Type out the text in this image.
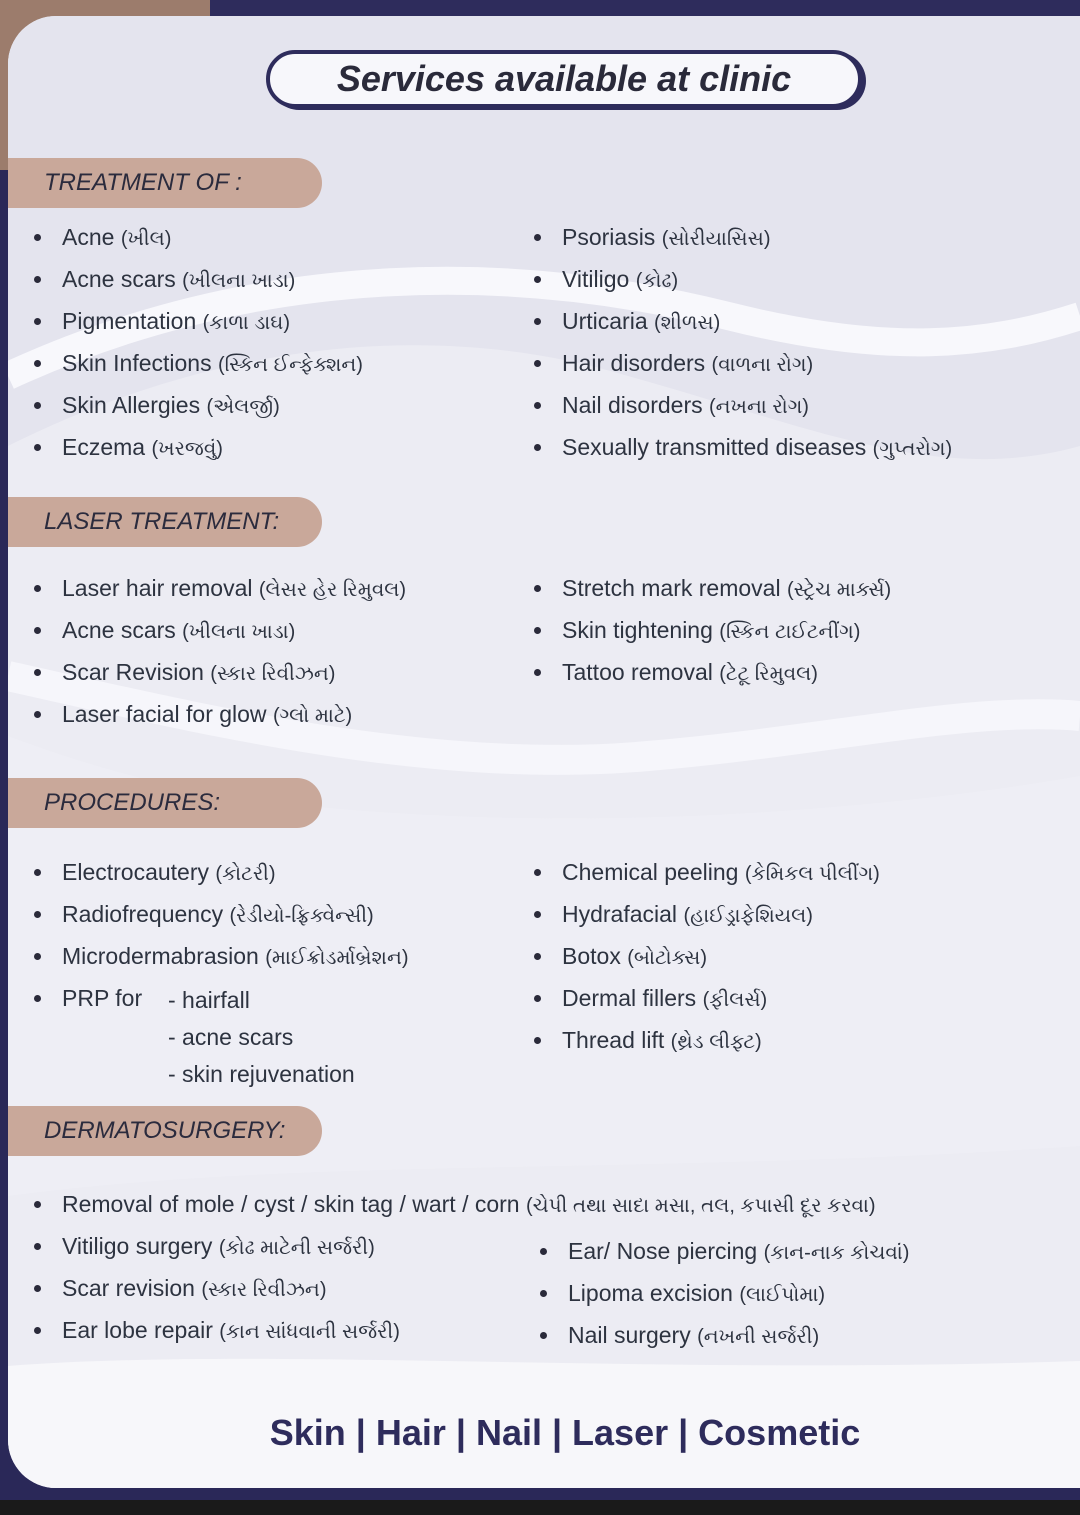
Services available at clinic
TREATMENT OF :
Acne (ખીલ)
Acne scars (ખીલના ખાડા)
Pigmentation (કાળા ડાઘ)
Skin Infections (સ્કિન ઈન્ફેક્શન)
Skin Allergies (એલર્જી)
Eczema (ખરજવું)
Psoriasis (સોરીયાસિસ)
Vitiligo (કોઢ)
Urticaria (શીળસ)
Hair disorders (વાળના રોગ)
Nail disorders (નખના રોગ)
Sexually transmitted diseases (ગુપ્તરોગ)
LASER TREATMENT:
Laser hair removal (લેસર હેર રિમુવલ)
Acne scars (ખીલના ખાડા)
Scar Revision (સ્કાર રિવીઝન)
Laser facial for glow (ગ્લો માટે)
Stretch mark removal (સ્ટ્રેચ માર્ક્સ)
Skin tightening (સ્કિન ટાઈટનીંગ)
Tattoo removal (ટેટૂ રિમુવલ)
PROCEDURES:
Electrocautery (કોટરી)
Radiofrequency (રેડીયો-ફ્રિક્વેન્સી)
Microdermabrasion (માઈક્રોડર્માબ્રેશન)
PRP for - hairfall
- acne scars
- skin rejuvenation
Chemical peeling (કેમિકલ પીલીંગ)
Hydrafacial (હાઈડ્રાફેશિયલ)
Botox (બોટોક્સ)
Dermal fillers (ફીલર્સ)
Thread lift (થ્રેડ લીફ્ટ)
DERMATOSURGERY:
Removal of mole / cyst / skin tag / wart / corn (ચેપી તથા સાદા મસા, તલ, કપાસી દૂર કરવા)
Vitiligo surgery (કોઢ માટેની સર્જરી)
Scar revision (સ્કાર રિવીઝન)
Ear lobe repair (કાન સાંધવાની સર્જરી)
Ear/ Nose piercing (કાન-નાક કોચવાં)
Lipoma excision (લાઈપોમા)
Nail surgery (નખની સર્જરી)
Skin | Hair | Nail | Laser | Cosmetic
